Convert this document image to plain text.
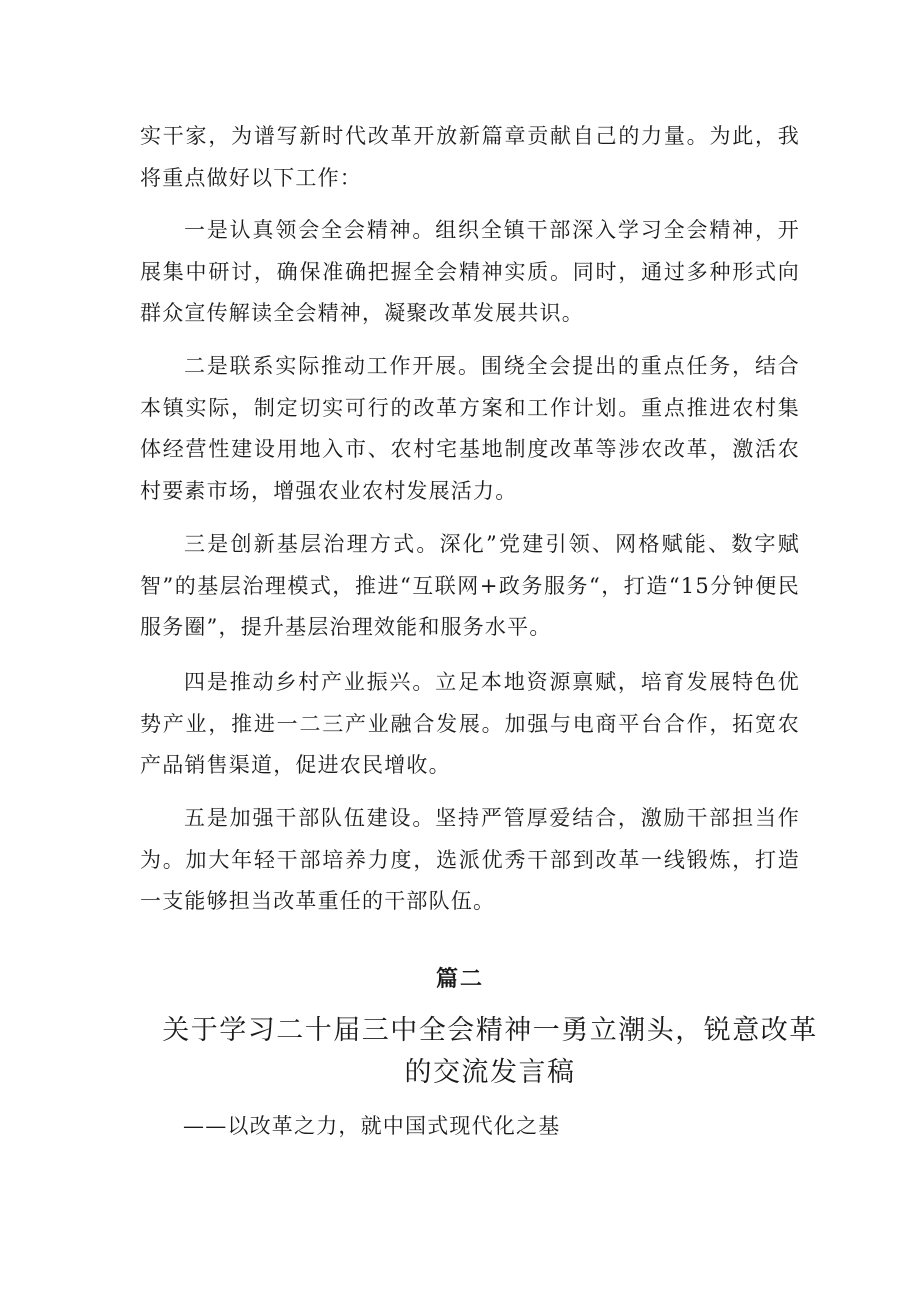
实干家，为谱写新时代改革开放新篇章贡献自己的力量。为此，我将重点做好以下工作：

一是认真领会全会精神。组织全镇干部深入学习全会精神，开展集中研讨，确保准确把握全会精神实质。同时，通过多种形式向群众宣传解读全会精神，凝聚改革发展共识。

二是联系实际推动工作开展。围绕全会提出的重点任务，结合本镇实际，制定切实可行的改革方案和工作计划。重点推进农村集体经营性建设用地入市、农村宅基地制度改革等涉农改革，激活农村要素市场，增强农业农村发展活力。

三是创新基层治理方式。深化”党建引领、网格赋能、数字赋智”的基层治理模式，推进“互联网+政务服务“，打造“15分钟便民服务圈”，提升基层治理效能和服务水平。

四是推动乡村产业振兴。立足本地资源禀赋，培育发展特色优势产业，推进一二三产业融合发展。加强与电商平台合作，拓宽农产品销售渠道，促进农民增收。

五是加强干部队伍建设。坚持严管厚爱结合，激励干部担当作为。加大年轻干部培养力度，选派优秀干部到改革一线锻炼，打造一支能够担当改革重任的干部队伍。

篇二
关于学习二十届三中全会精神一勇立潮头，锐意改革的交流发言稿

——以改革之力，就中国式现代化之基
